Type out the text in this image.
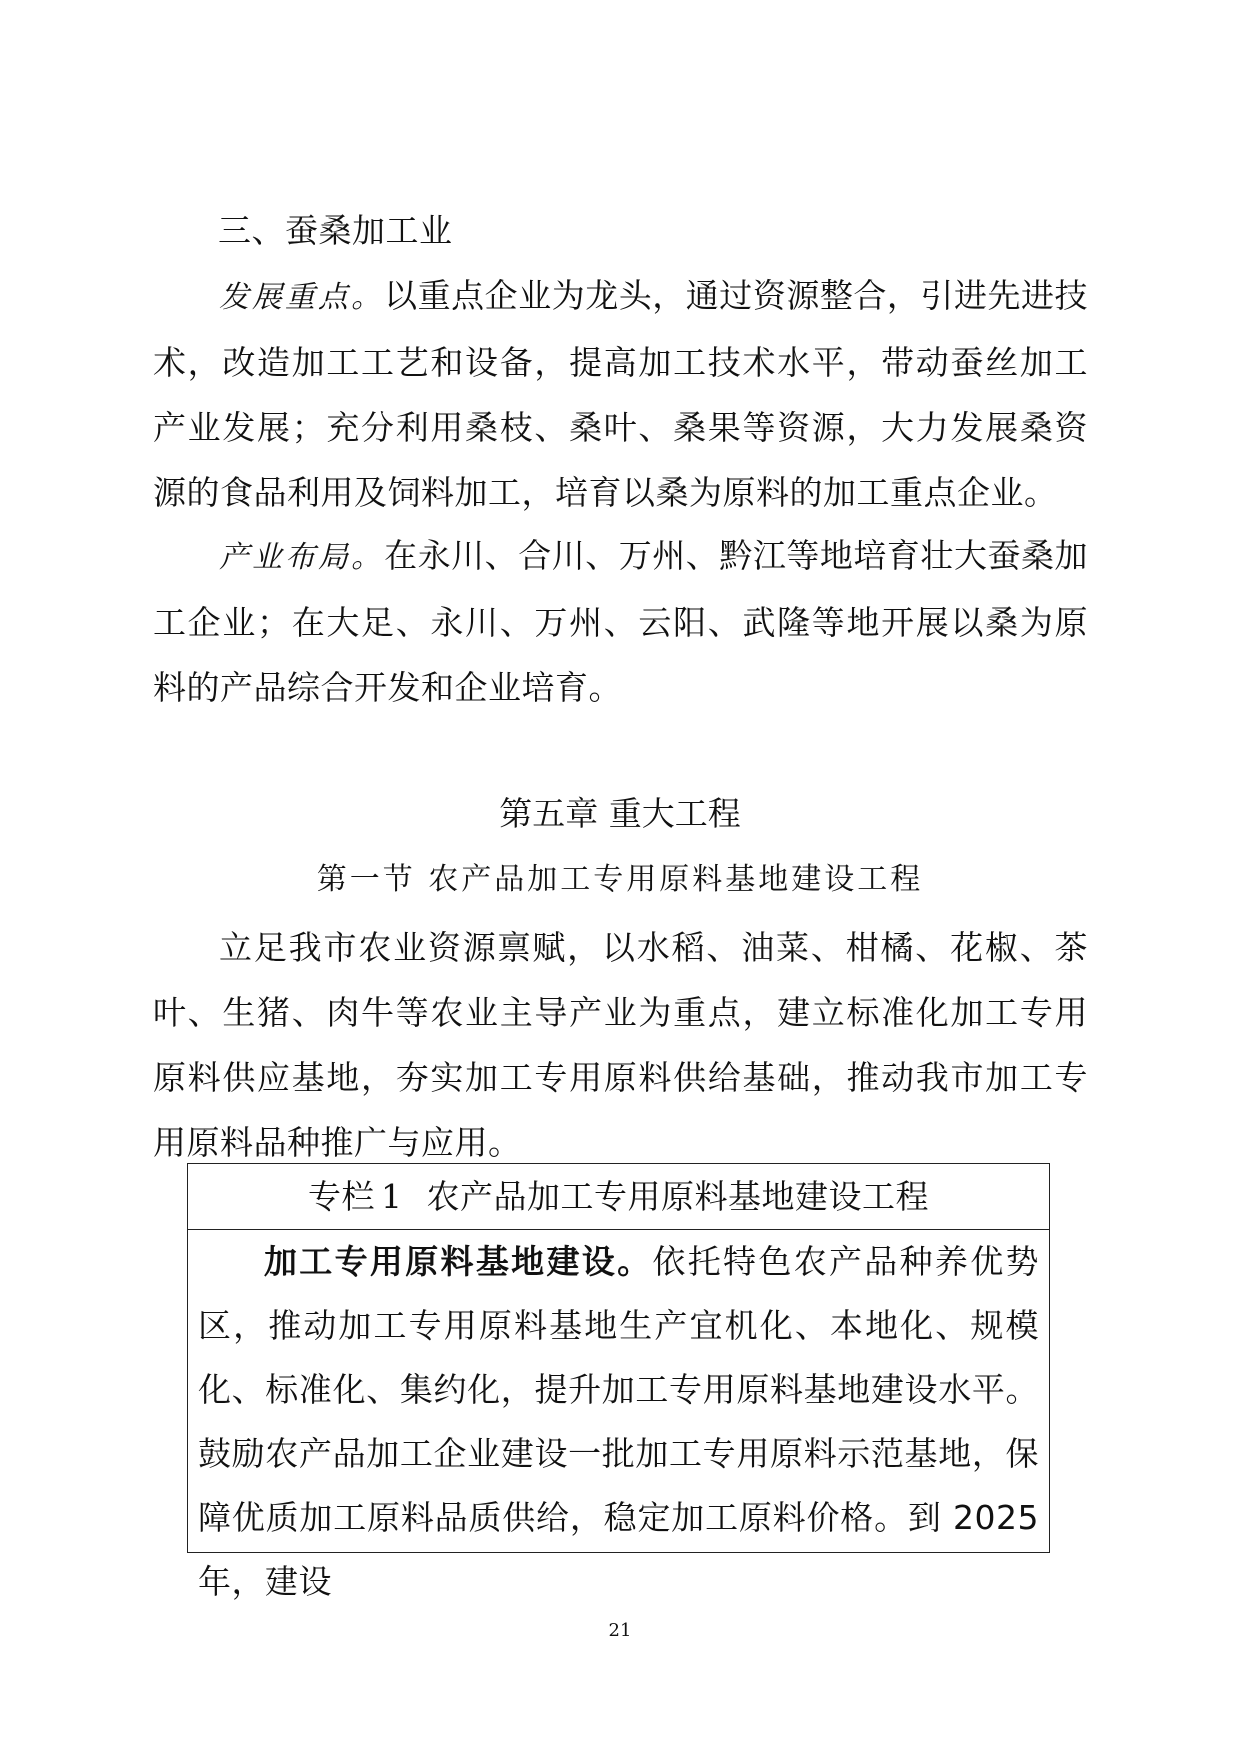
三、蚕桑加工业
发展重点。以重点企业为龙头，通过资源整合，引进先进技术，改造加工工艺和设备，提高加工技术水平，带动蚕丝加工产业发展；充分利用桑枝、桑叶、桑果等资源，大力发展桑资源的食品利用及饲料加工，培育以桑为原料的加工重点企业。
产业布局。在永川、合川、万州、黔江等地培育壮大蚕桑加工企业；在大足、永川、万州、云阳、武隆等地开展以桑为原料的产品综合开发和企业培育。
第五章 重大工程
第一节 农产品加工专用原料基地建设工程
立足我市农业资源禀赋，以水稻、油菜、柑橘、花椒、茶叶、生猪、肉牛等农业主导产业为重点，建立标准化加工专用原料供应基地，夯实加工专用原料供给基础，推动我市加工专用原料品种推广与应用。
专栏 1 农产品加工专用原料基地建设工程
加工专用原料基地建设。依托特色农产品种养优势区，推动加工专用原料基地生产宜机化、本地化、规模化、标准化、集约化，提升加工专用原料基地建设水平。鼓励农产品加工企业建设一批加工专用原料示范基地，保障优质加工原料品质供给，稳定加工原料价格。到 2025 年，建设
21
